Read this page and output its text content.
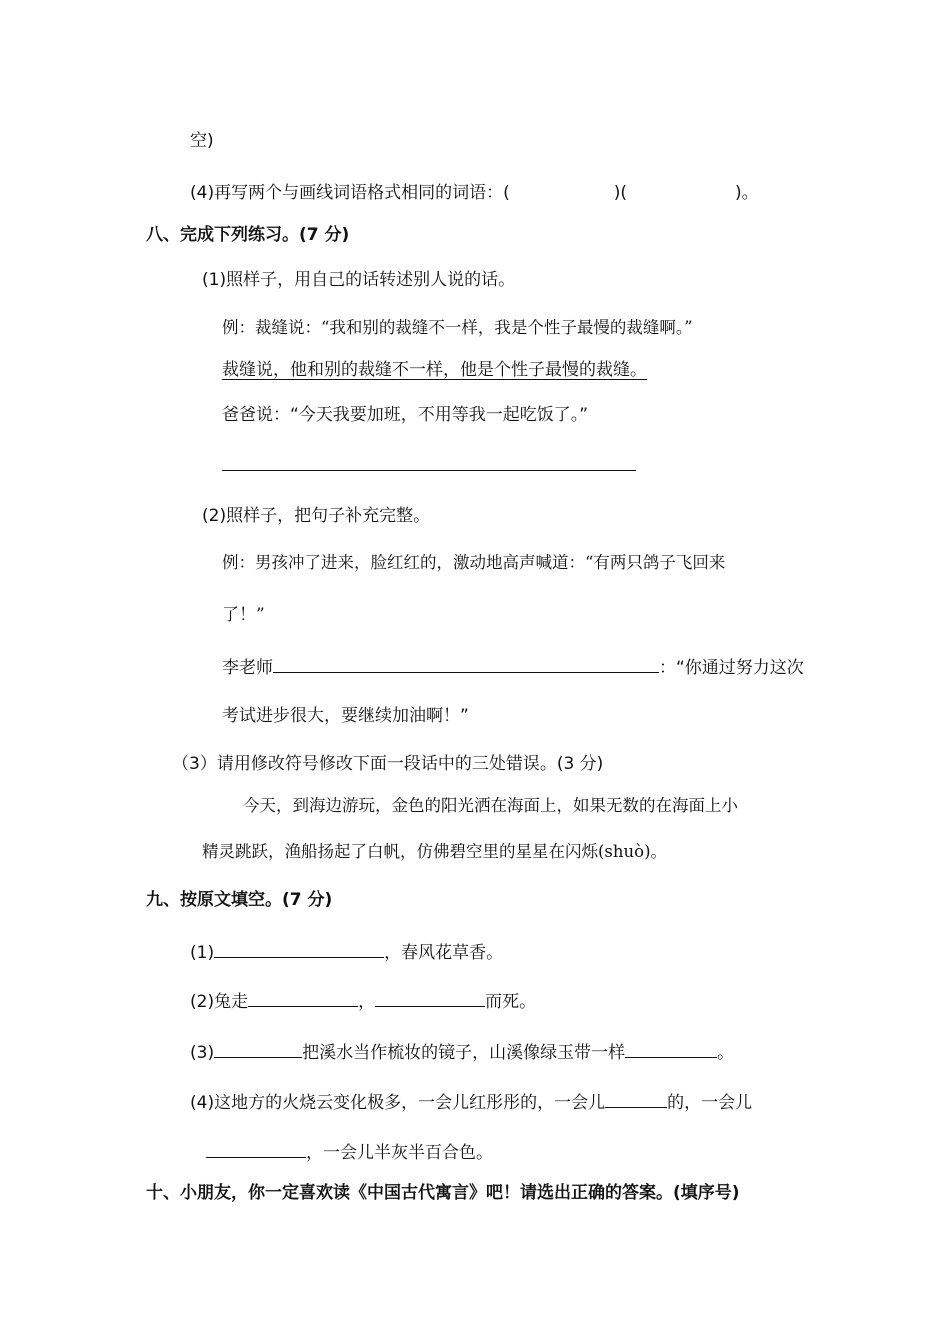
空)
(4)再写两个与画线词语格式相同的词语：(	)(	)。
八、完成下列练习。(7 分)
(1)照样子，用自己的话转述别人说的话。
例：裁缝说：“我和别的裁缝不一样，我是个性子最慢的裁缝啊。”
裁缝说，他和别的裁缝不一样，他是个性子最慢的裁缝。
爸爸说：“今天我要加班，不用等我一起吃饭了。”
(2)照样子，把句子补充完整。
例：男孩冲了进来，脸红红的，激动地高声喊道：“有两只鸽子飞回来
了！”
李老师	：“你通过努力这次
考试进步很大，要继续加油啊！”
（3）请用修改符号修改下面一段话中的三处错误。(3 分)
今天，到海边游玩，金色的阳光洒在海面上，如果无数的在海面上小
精灵跳跃，渔船扬起了白帆，仿佛碧空里的星星在闪烁(shuò)。
九、按原文填空。(7 分)
(1)	，春风花草香。
(2)兔走	，	而死。
(3)	把溪水当作梳妆的镜子，山溪像绿玉带一样	。
(4)这地方的火烧云变化极多，一会儿红彤彤的，一会儿	的，一会儿
，一会儿半灰半百合色。
十、小朋友，你一定喜欢读《中国古代寓言》吧！请选出正确的答案。(填序号)
